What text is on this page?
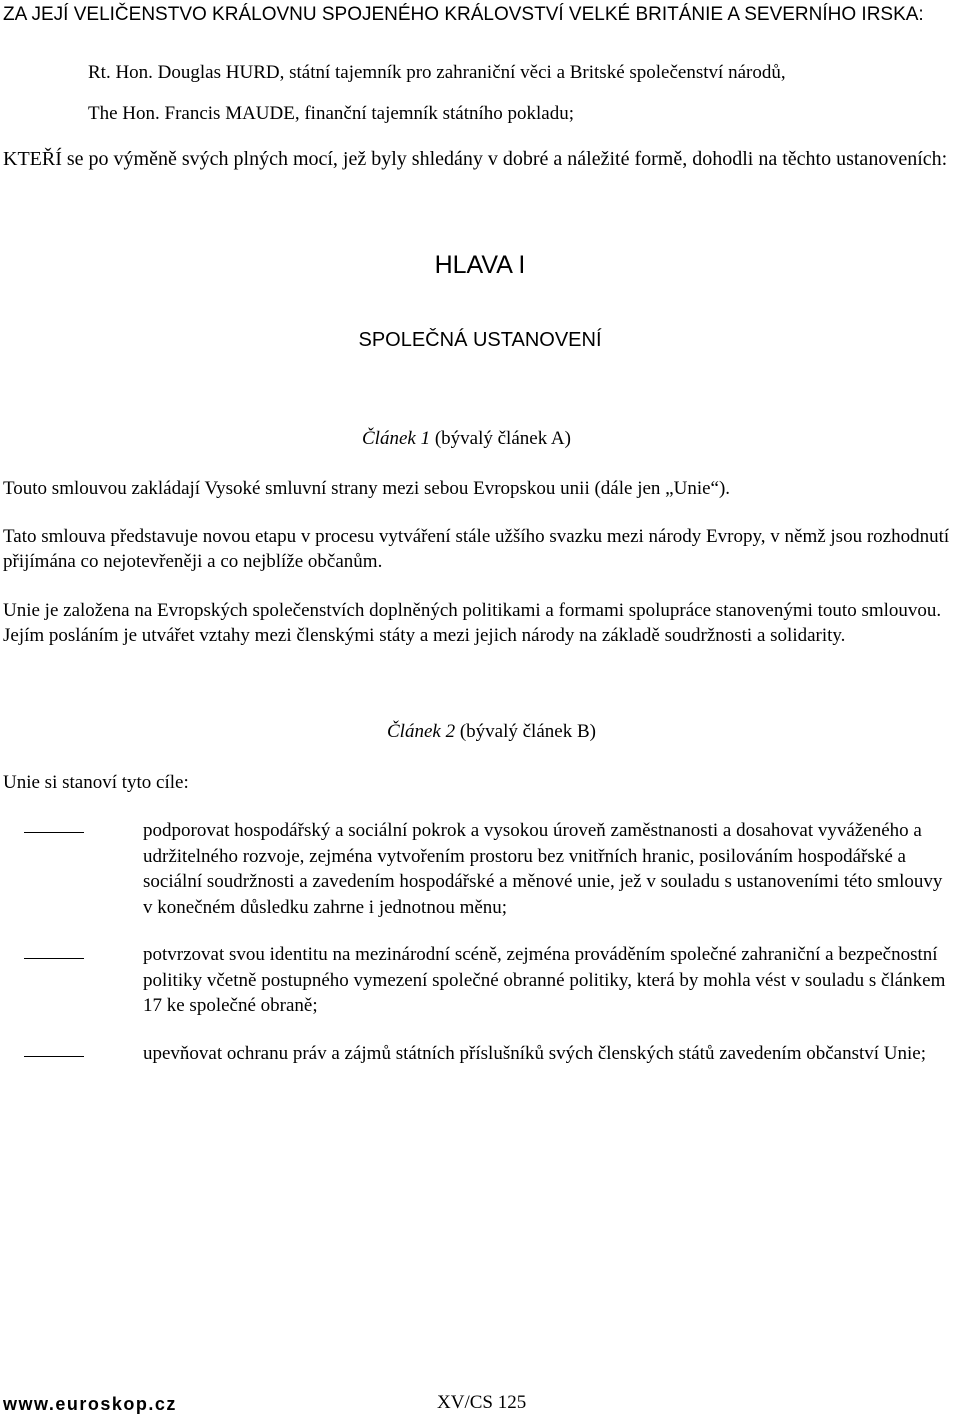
ZA JEJÍ VELIČENSTVO KRÁLOVNU SPOJENÉHO KRÁLOVSTVÍ VELKÉ BRITÁNIE A SEVERNÍHO IRSKA:
Rt. Hon. Douglas HURD, státní tajemník pro zahraniční věci a Britské společenství národů,
The Hon. Francis MAUDE, finanční tajemník státního pokladu;
KTEŘÍ se po výměně svých plných mocí, jež byly shledány v dobré a náležité formě, dohodli na těchto ustanoveních:
HLAVA I
SPOLEČNÁ USTANOVENÍ
Článek 1 (bývalý článek A)
Touto smlouvou zakládají Vysoké smluvní strany mezi sebou Evropskou unii (dále jen „Unie“).
Tato smlouva představuje novou etapu v procesu vytváření stále užšího svazku mezi národy Evropy, v němž jsou rozhodnutí přijímána co nejotevřeněji a co nejblíže občanům.
Unie je založena na Evropských společenstvích doplněných politikami a formami spolupráce stanovenými touto smlouvou. Jejím posláním je utvářet vztahy mezi členskými státy a mezi jejich národy na základě soudržnosti a solidarity.
Článek 2 (bývalý článek B)
Unie si stanoví tyto cíle:
podporovat hospodářský a sociální pokrok a vysokou úroveň zaměstnanosti a dosahovat vyváženého a udržitelného rozvoje, zejména vytvořením prostoru bez vnitřních hranic, posilováním hospodářské a sociální soudržnosti a zavedením hospodářské a měnové unie, jež v souladu s ustanoveními této smlouvy v konečném důsledku zahrne i jednotnou měnu;
potvrzovat svou identitu na mezinárodní scéně, zejména prováděním společné zahraniční a bezpečnostní politiky včetně postupného vymezení společné obranné politiky, která by mohla vést v souladu s článkem 17 ke společné obraně;
upevňovat ochranu práv a zájmů státních příslušníků svých členských států zavedením občanství Unie;
www.euroskop.cz	XV/CS 125
